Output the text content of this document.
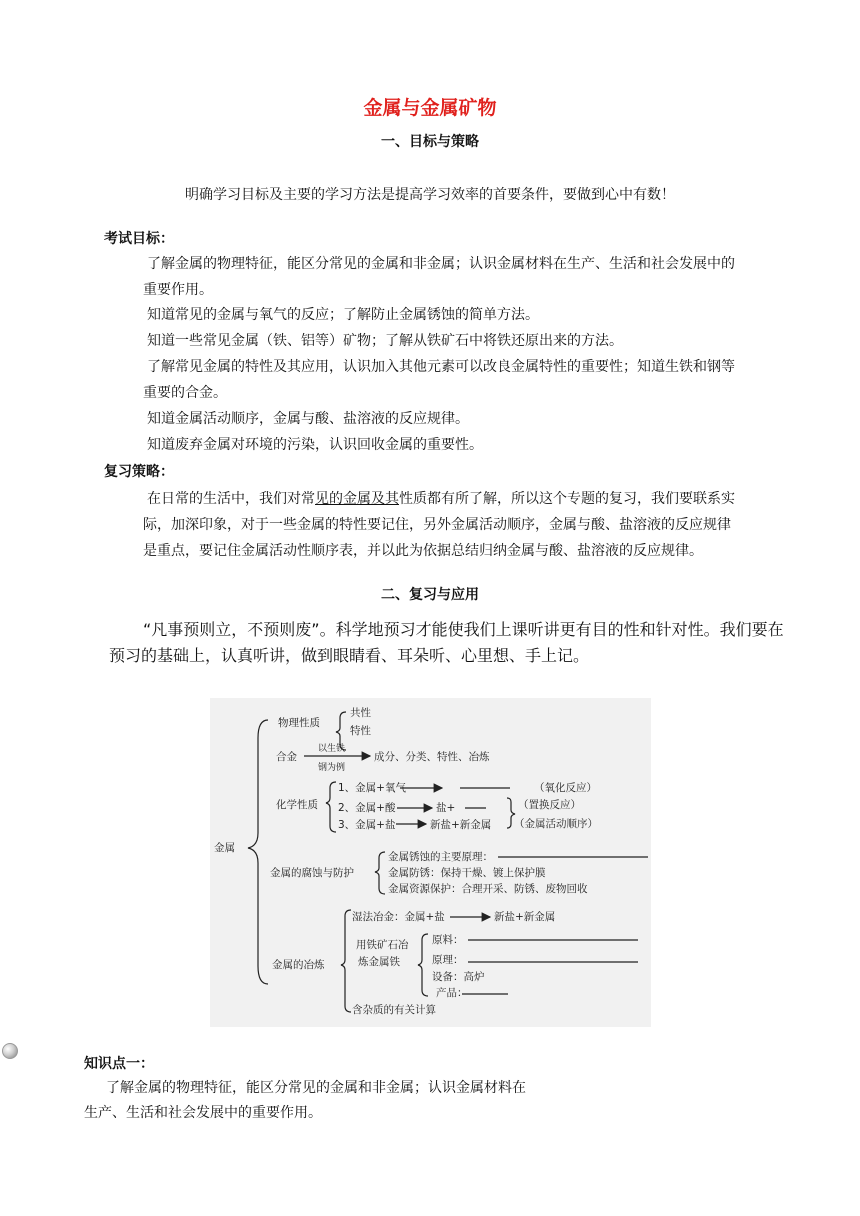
金属与金属矿物
一、目标与策略
明确学习目标及主要的学习方法是提高学习效率的首要条件，要做到心中有数！
考试目标：
了解金属的物理特征，能区分常见的金属和非金属；认识金属材料在生产、生活和社会发展中的
重要作用。
知道常见的金属与氧气的反应；了解防止金属锈蚀的简单方法。
知道一些常见金属（铁、铝等）矿物；了解从铁矿石中将铁还原出来的方法。
了解常见金属的特性及其应用，认识加入其他元素可以改良金属特性的重要性；知道生铁和钢等
重要的合金。
知道金属活动顺序，金属与酸、盐溶液的反应规律。
知道废弃金属对环境的污染，认识回收金属的重要性。
复习策略：
在日常的生活中，我们对常见的金属及其性质都有所了解，所以这个专题的复习，我们要联系实
际，加深印象，对于一些金属的特性要记住，另外金属活动顺序，金属与酸、盐溶液的反应规律
是重点，要记住金属活动性顺序表，并以此为依据总结归纳金属与酸、盐溶液的反应规律。
二、复习与应用
“凡事预则立，不预则废”。科学地预习才能使我们上课听讲更有目的性和针对性。我们要在
预习的基础上，认真听讲，做到眼睛看、耳朵听、心里想、手上记。
金属
物理性质
共性
特性
合金
以生铁
钢为例
成分、分类、特性、冶炼
化学性质
1、金属+氧气
2、金属+酸	盐+
3、金属+盐	新盐+新金属
（氧化反应）
（置换反应）
（金属活动顺序）
金属的腐蚀与防护
金属锈蚀的主要原理：
金属防锈：保持干燥、镀上保护膜
金属资源保护：合理开采、防锈、废物回收
金属的冶炼
湿法冶金：金属+盐	新盐+新金属
用铁矿石冶
炼金属铁
原料：
原理：
设备：高炉
产品：
含杂质的有关计算
知识点一：
了解金属的物理特征，能区分常见的金属和非金属；认识金属材料在
生产、生活和社会发展中的重要作用。
